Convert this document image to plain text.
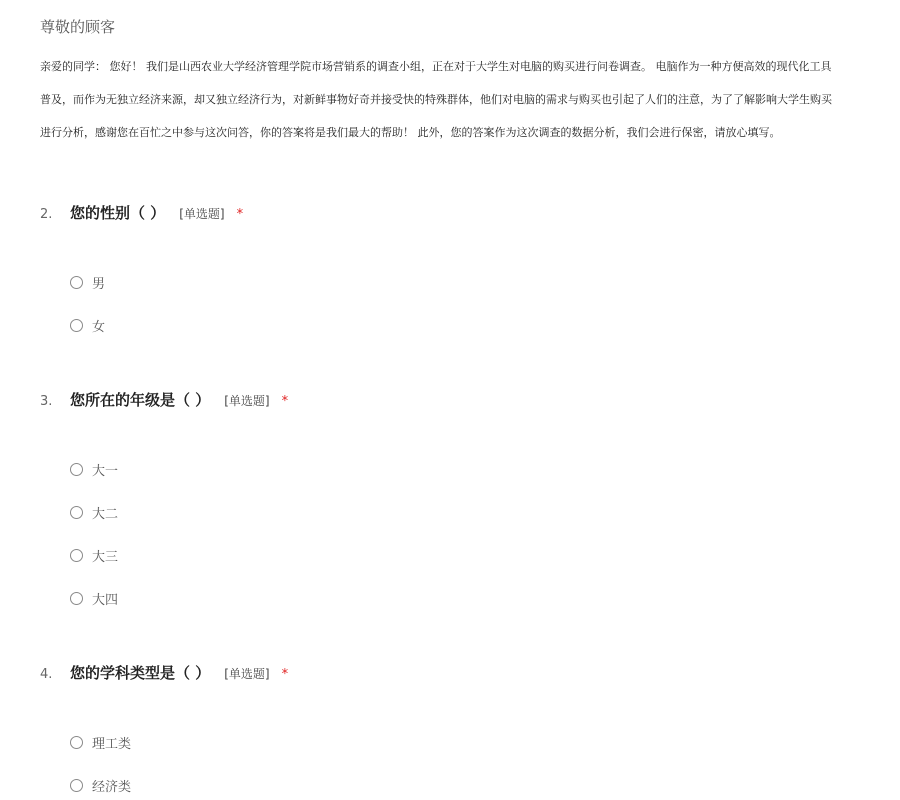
尊敬的顾客
亲爱的同学： 您好！ 我们是山西农业大学经济管理学院市场营销系的调查小组，正在对于大学生对电脑的购买进行问卷调查。 电脑作为一种方便高效的现代化工具
普及，而作为无独立经济来源，却又独立经济行为，对新鲜事物好奇并接受快的特殊群体，他们对电脑的需求与购买也引起了人们的注意，为了了解影响大学生购买
进行分析，感谢您在百忙之中参与这次问答，你的答案将是我们最大的帮助！ 此外，您的答案作为这次调查的数据分析，我们会进行保密，请放心填写。
2. 您的性别（ ） [单选题] *
男
女
3. 您所在的年级是（ ） [单选题] *
大一
大二
大三
大四
4. 您的学科类型是（ ） [单选题] *
理工类
经济类
